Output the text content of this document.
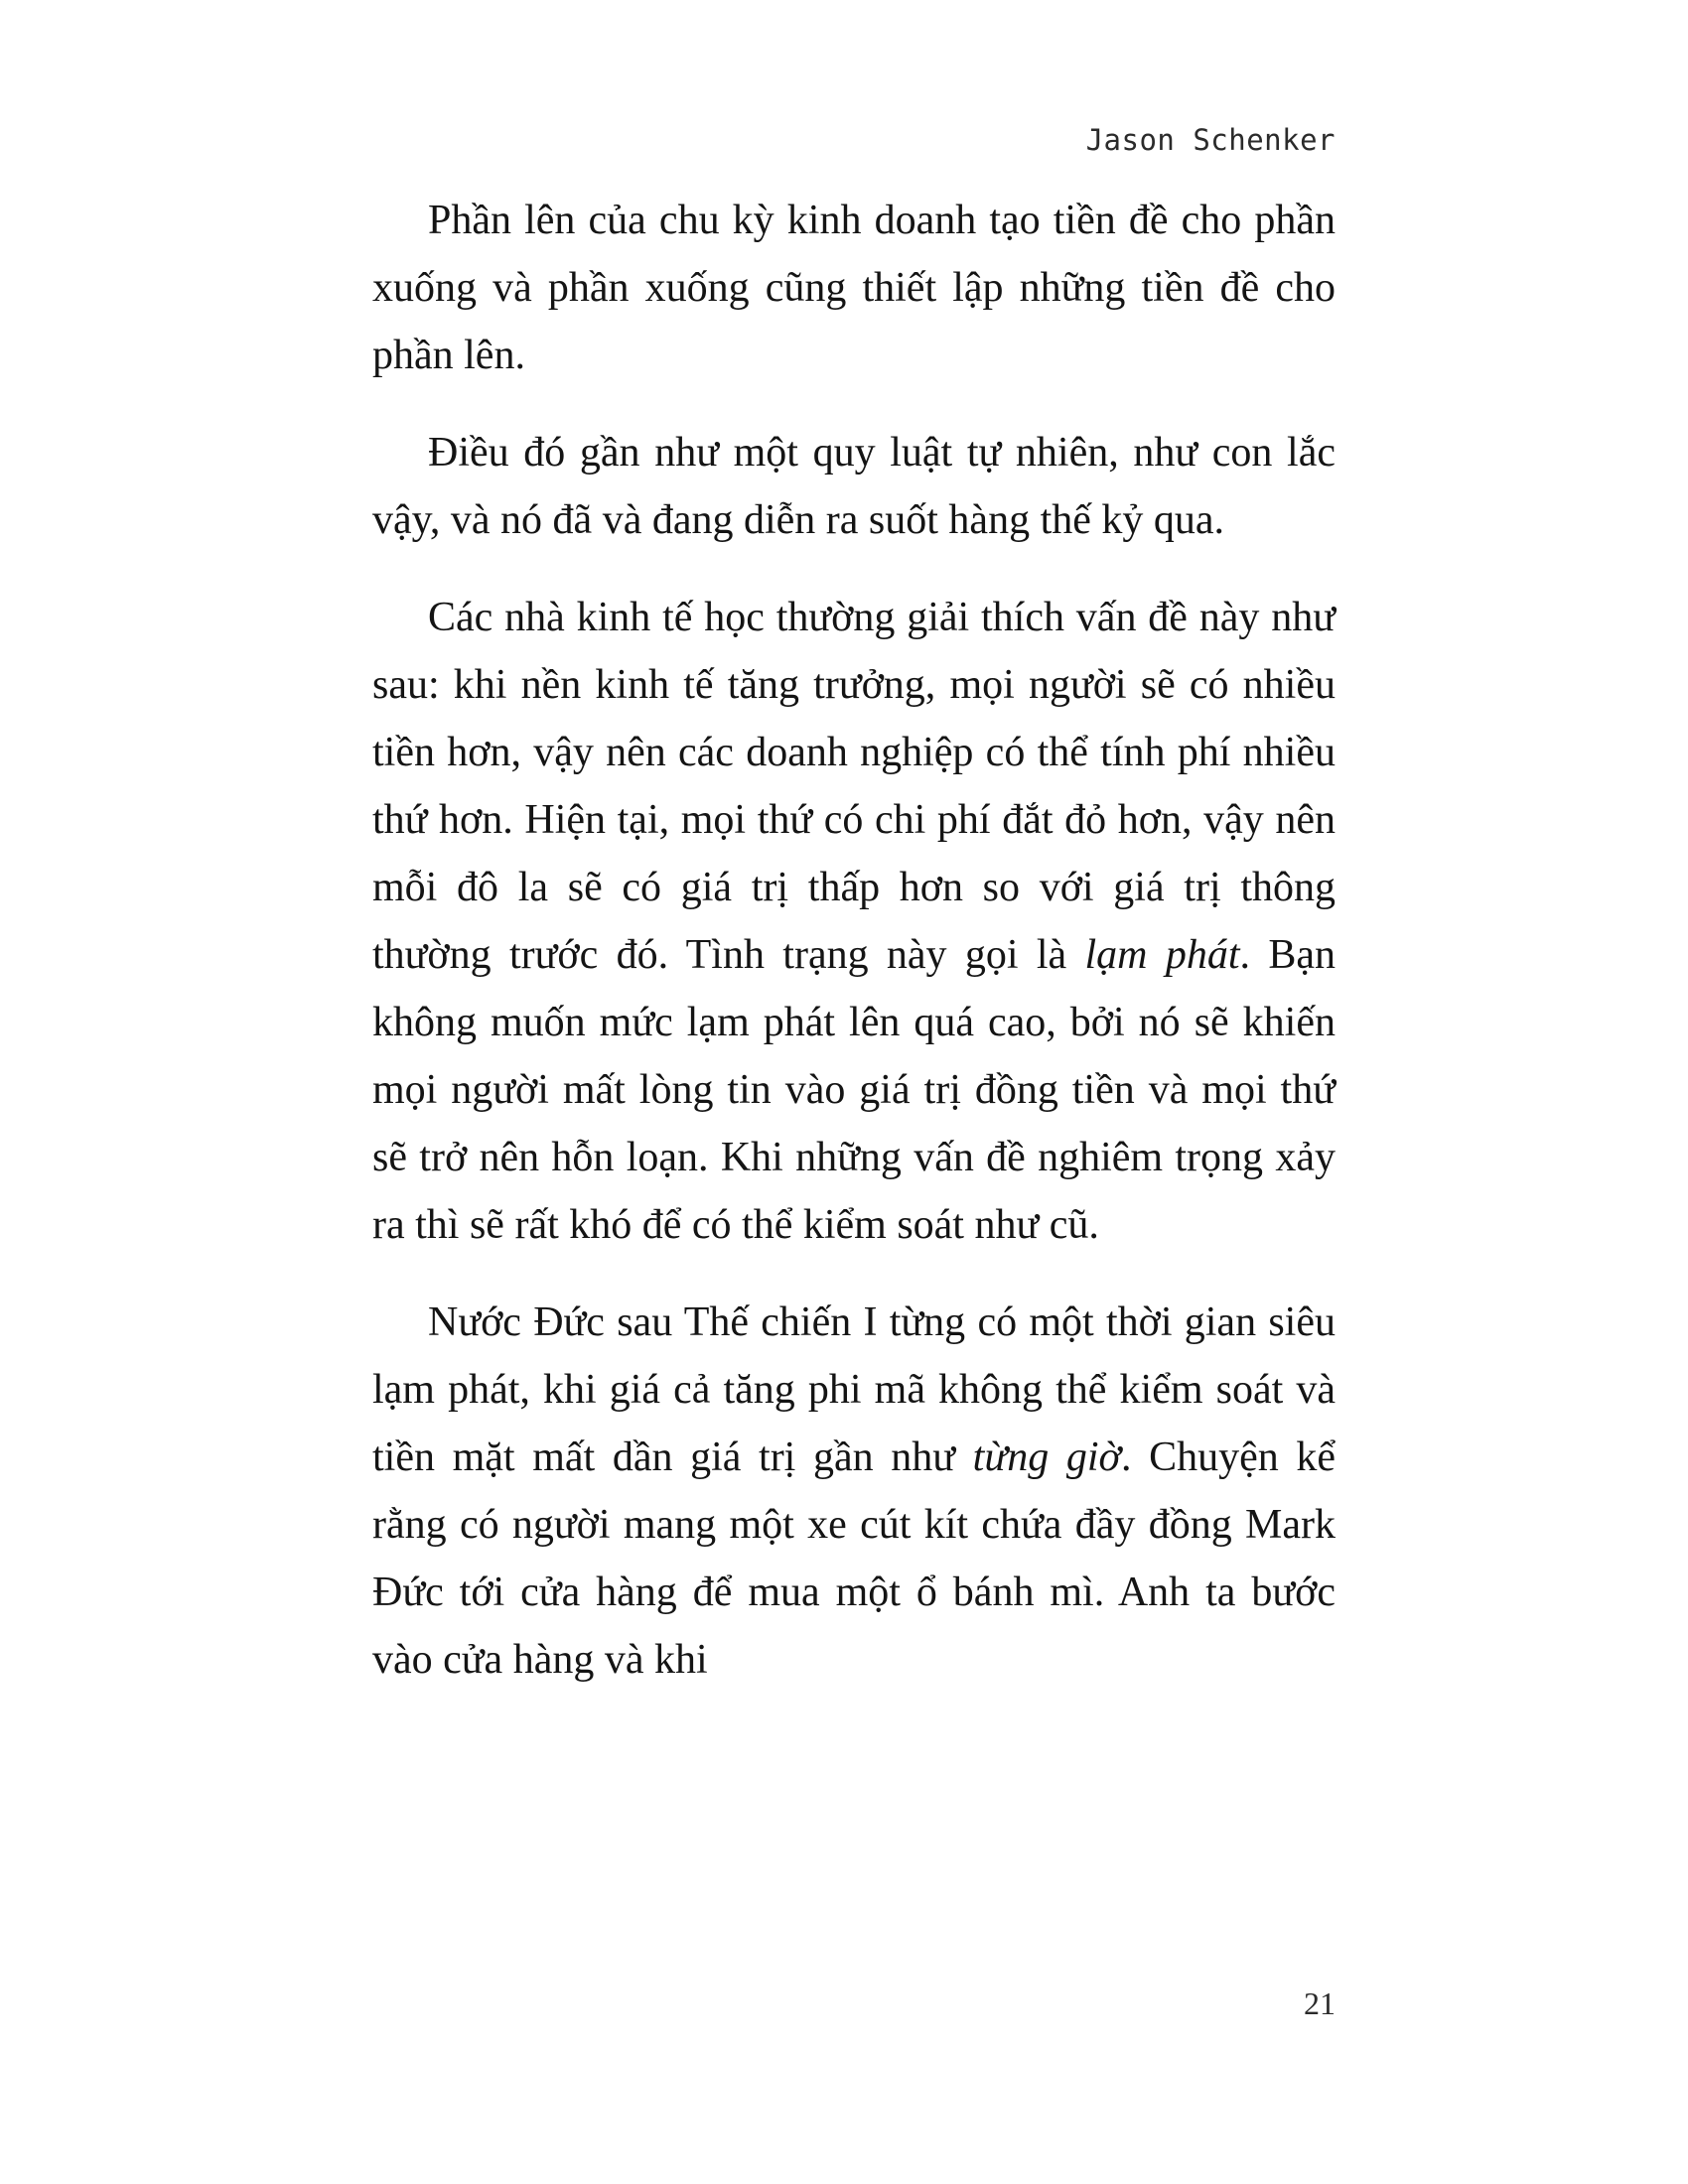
Jason Schenker

Phần lên của chu kỳ kinh doanh tạo tiền đề cho phần xuống và phần xuống cũng thiết lập những tiền đề cho phần lên.

Điều đó gần như một quy luật tự nhiên, như con lắc vậy, và nó đã và đang diễn ra suốt hàng thế kỷ qua.

Các nhà kinh tế học thường giải thích vấn đề này như sau: khi nền kinh tế tăng trưởng, mọi người sẽ có nhiều tiền hơn, vậy nên các doanh nghiệp có thể tính phí nhiều thứ hơn. Hiện tại, mọi thứ có chi phí đắt đỏ hơn, vậy nên mỗi đô la sẽ có giá trị thấp hơn so với giá trị thông thường trước đó. Tình trạng này gọi là lạm phát. Bạn không muốn mức lạm phát lên quá cao, bởi nó sẽ khiến mọi người mất lòng tin vào giá trị đồng tiền và mọi thứ sẽ trở nên hỗn loạn. Khi những vấn đề nghiêm trọng xảy ra thì sẽ rất khó để có thể kiểm soát như cũ.

Nước Đức sau Thế chiến I từng có một thời gian siêu lạm phát, khi giá cả tăng phi mã không thể kiểm soát và tiền mặt mất dần giá trị gần như từng giờ. Chuyện kể rằng có người mang một xe cút kít chứa đầy đồng Mark Đức tới cửa hàng để mua một ổ bánh mì. Anh ta bước vào cửa hàng và khi

21
